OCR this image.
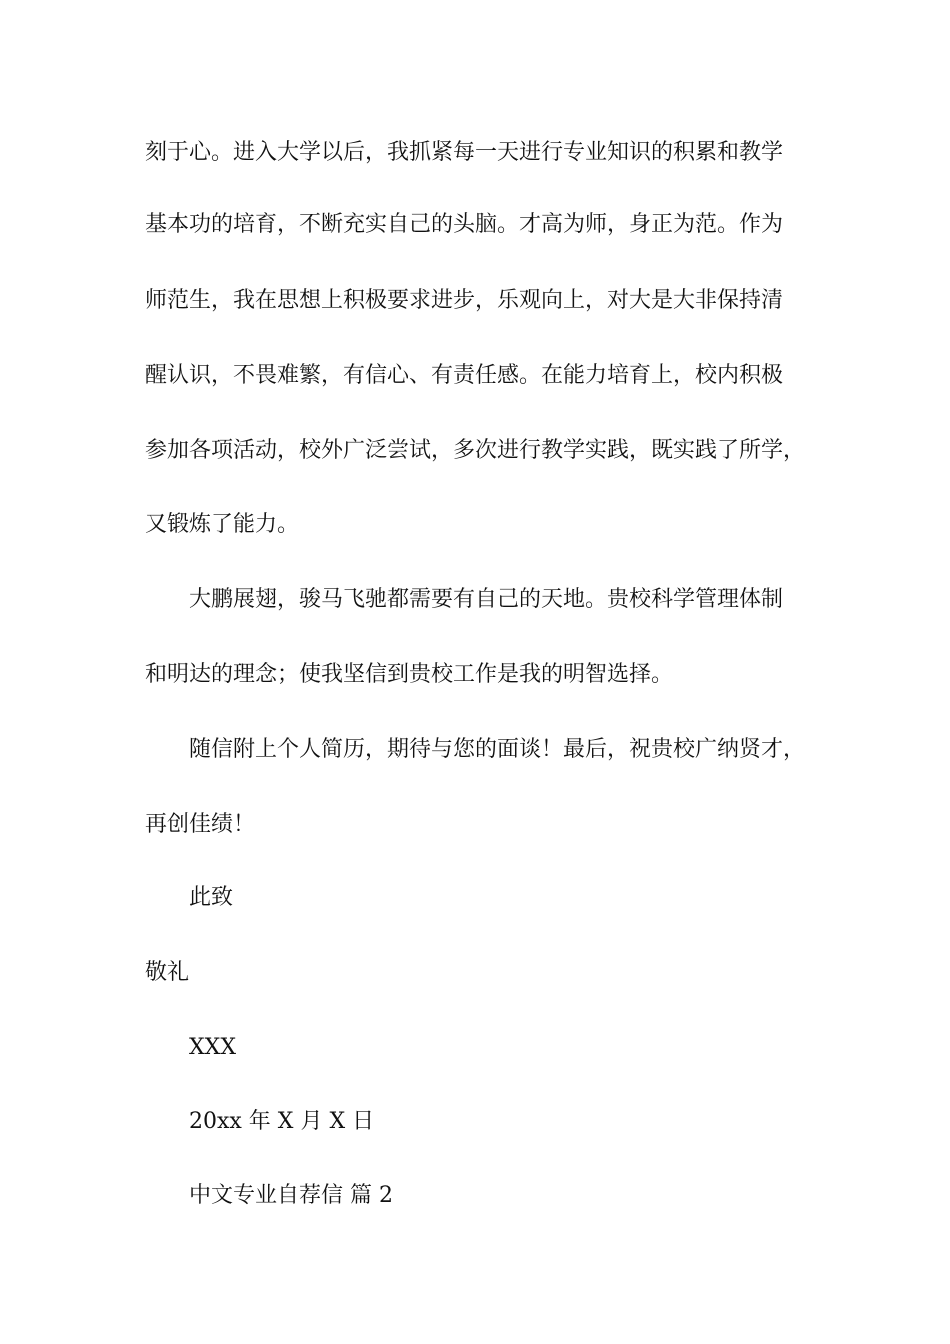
刻于心。进入大学以后，我抓紧每一天进行专业知识的积累和教学
基本功的培育，不断充实自己的头脑。才高为师，身正为范。作为
师范生，我在思想上积极要求进步，乐观向上，对大是大非保持清
醒认识，不畏难繁，有信心、有责任感。在能力培育上，校内积极
参加各项活动，校外广泛尝试，多次进行教学实践，既实践了所学，
又锻炼了能力。
大鹏展翅，骏马飞驰都需要有自己的天地。贵校科学管理体制
和明达的理念；使我坚信到贵校工作是我的明智选择。
随信附上个人简历，期待与您的面谈！最后，祝贵校广纳贤才，
再创佳绩！
此致
敬礼
XXX
20xx 年 X 月 X 日
中文专业自荐信 篇 2
